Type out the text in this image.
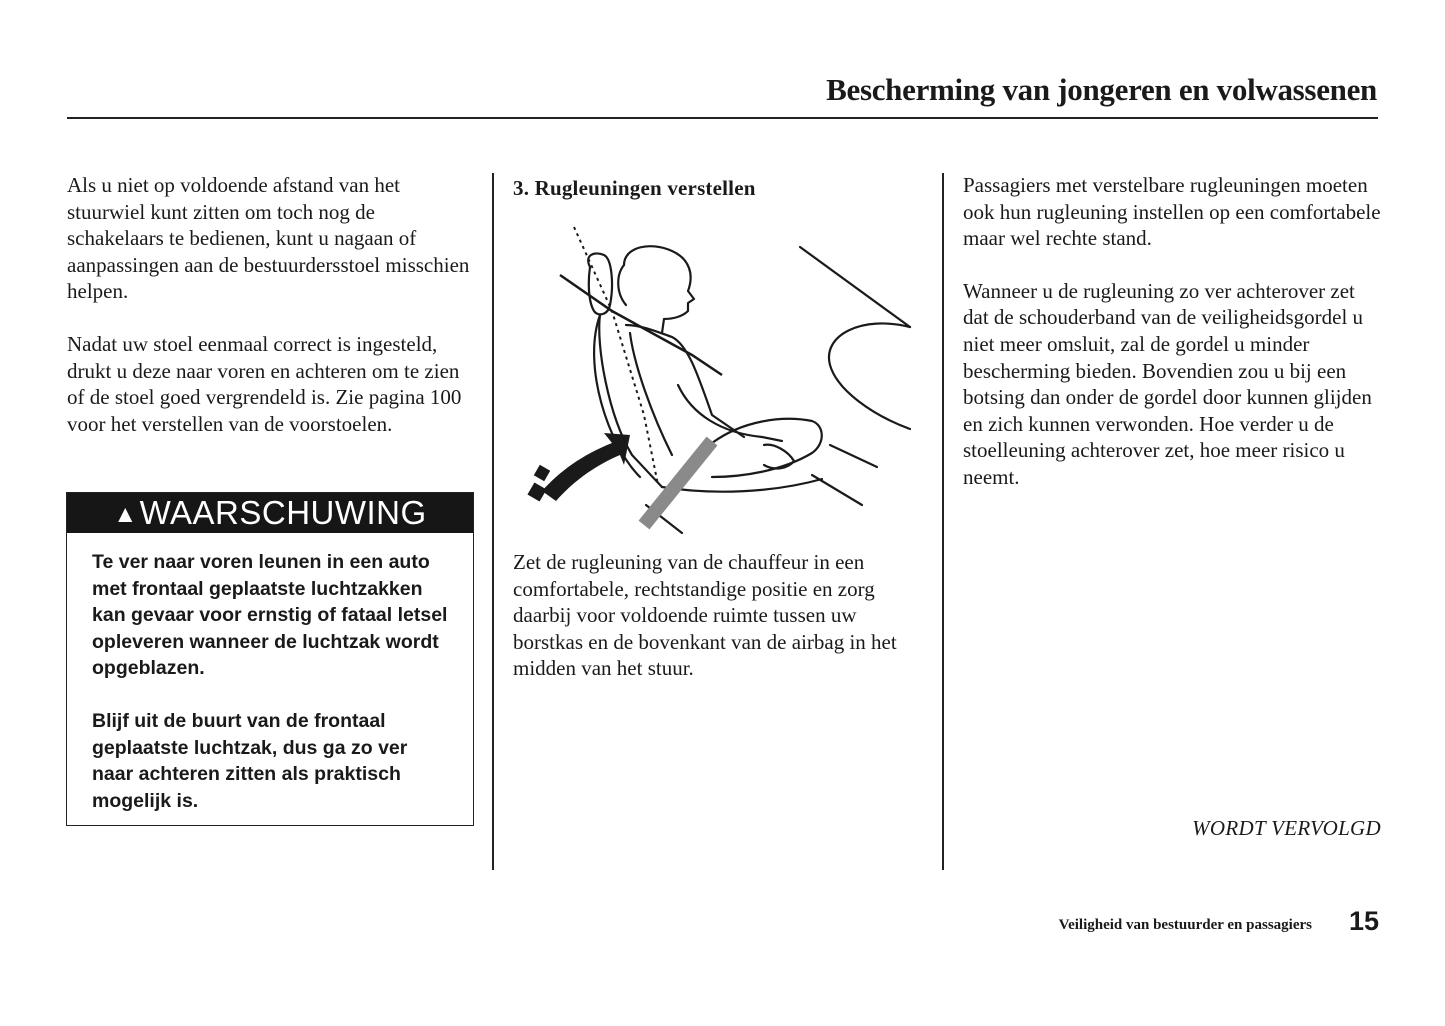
Bescherming van jongeren en volwassenen

Als u niet op voldoende afstand van het stuurwiel kunt zitten om toch nog de schakelaars te bedienen, kunt u nagaan of aanpassingen aan de bestuurdersstoel misschien helpen.

Nadat uw stoel eenmaal correct is ingesteld, drukt u deze naar voren en achteren om te zien of de stoel goed vergrendeld is. Zie pagina 100 voor het verstellen van de voorstoelen.

▲ WAARSCHUWING

Te ver naar voren leunen in een auto met frontaal geplaatste luchtzakken kan gevaar voor ernstig of fataal letsel opleveren wanneer de luchtzak wordt opgeblazen.

Blijf uit de buurt van de frontaal geplaatste luchtzak, dus ga zo ver naar achteren zitten als praktisch mogelijk is.

3. Rugleuningen verstellen

Zet de rugleuning van de chauffeur in een comfortabele, rechtstandige positie en zorg daarbij voor voldoende ruimte tussen uw borstkas en de bovenkant van de airbag in het midden van het stuur.

Passagiers met verstelbare rugleuningen moeten ook hun rugleuning instellen op een comfortabele maar wel rechte stand.

Wanneer u de rugleuning zo ver achterover zet dat de schouderband van de veiligheidsgordel u niet meer omsluit, zal de gordel u minder bescherming bieden. Bovendien zou u bij een botsing dan onder de gordel door kunnen glijden en zich kunnen verwonden. Hoe verder u de stoelleuning achterover zet, hoe meer risico u neemt.

WORDT VERVOLGD
Veiligheid van bestuurder en passagiers 15
